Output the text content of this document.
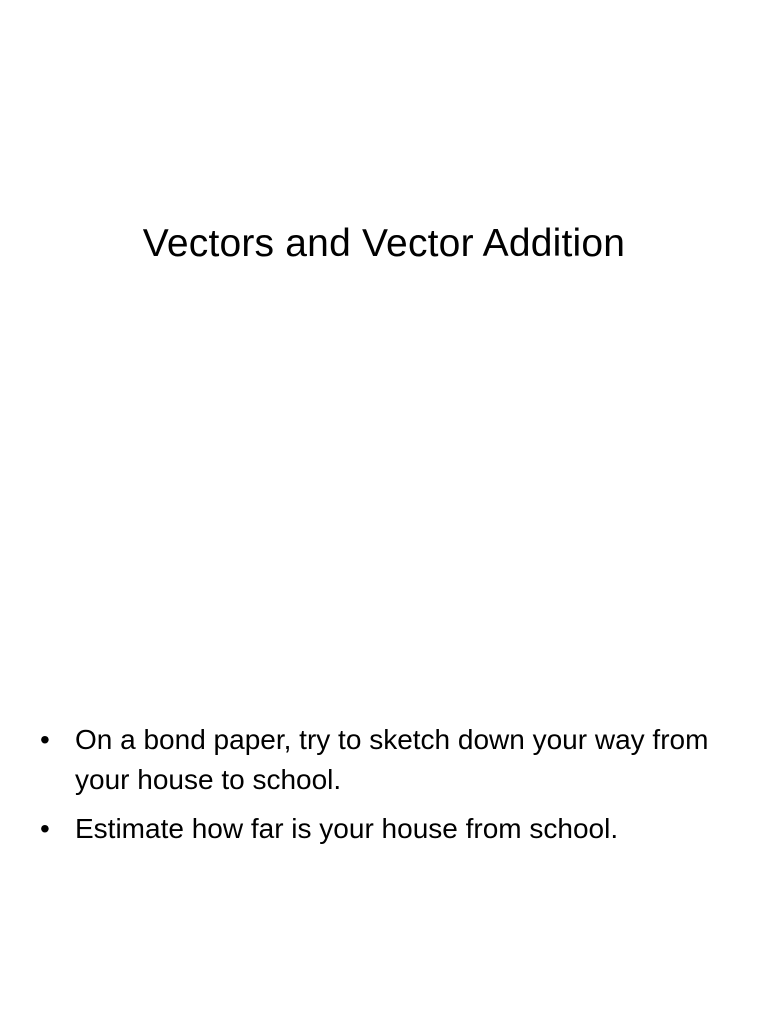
Vectors and Vector Addition
• On a bond paper, try to sketch down your way from your house to school.
• Estimate how far is your house from school.
